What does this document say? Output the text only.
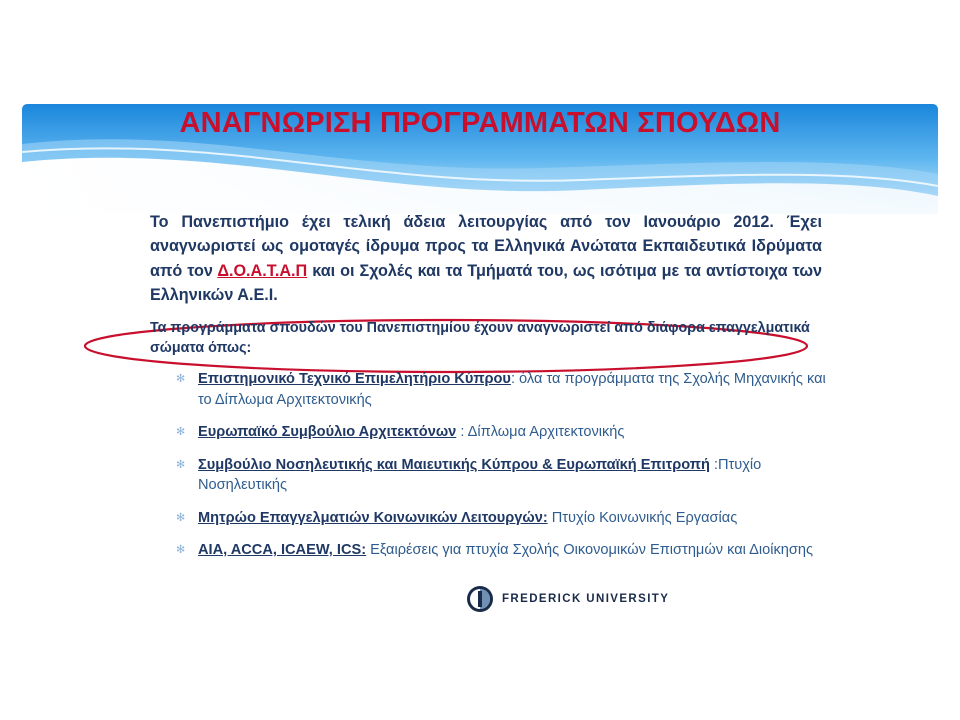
ΑΝΑΓΝΩΡΙΣΗ ΠΡΟΓΡΑΜΜΑΤΩΝ ΣΠΟΥΔΩΝ

Το Πανεπιστήμιο έχει τελική άδεια λειτουργίας από τον Ιανουάριο 2012. Έχει αναγνωριστεί ως ομοταγές ίδρυμα προς τα Ελληνικά Ανώτατα Εκπαιδευτικά Ιδρύματα από τον Δ.Ο.Α.Τ.Α.Π και οι Σχολές και τα Τμήματά του, ως ισότιμα με τα αντίστοιχα των Ελληνικών Α.Ε.Ι.

Τα προγράμματα σπουδών του Πανεπιστημίου έχουν αναγνωριστεί από διάφορα επαγγελματικά σώματα όπως:

✻ Επιστημονικό Τεχνικό Επιμελητήριο Κύπρου: όλα τα προγράμματα της Σχολής Μηχανικής και το Δίπλωμα Αρχιτεκτονικής
✻ Ευρωπαϊκό Συμβούλιο Αρχιτεκτόνων : Δίπλωμα Αρχιτεκτονικής
✻ Συμβούλιο Νοσηλευτικής και Μαιευτικής Κύπρου & Ευρωπαϊκή Επιτροπή :Πτυχίο Νοσηλευτικής
✻ Μητρώο Επαγγελματιών Κοινωνικών Λειτουργών: Πτυχίο Κοινωνικής Εργασίας
✻ AIA, ACCA, ICAEW, ICS: Εξαιρέσεις για πτυχία Σχολής Οικονομικών Επιστημών και Διοίκησης
FREDERICK UNIVERSITY
